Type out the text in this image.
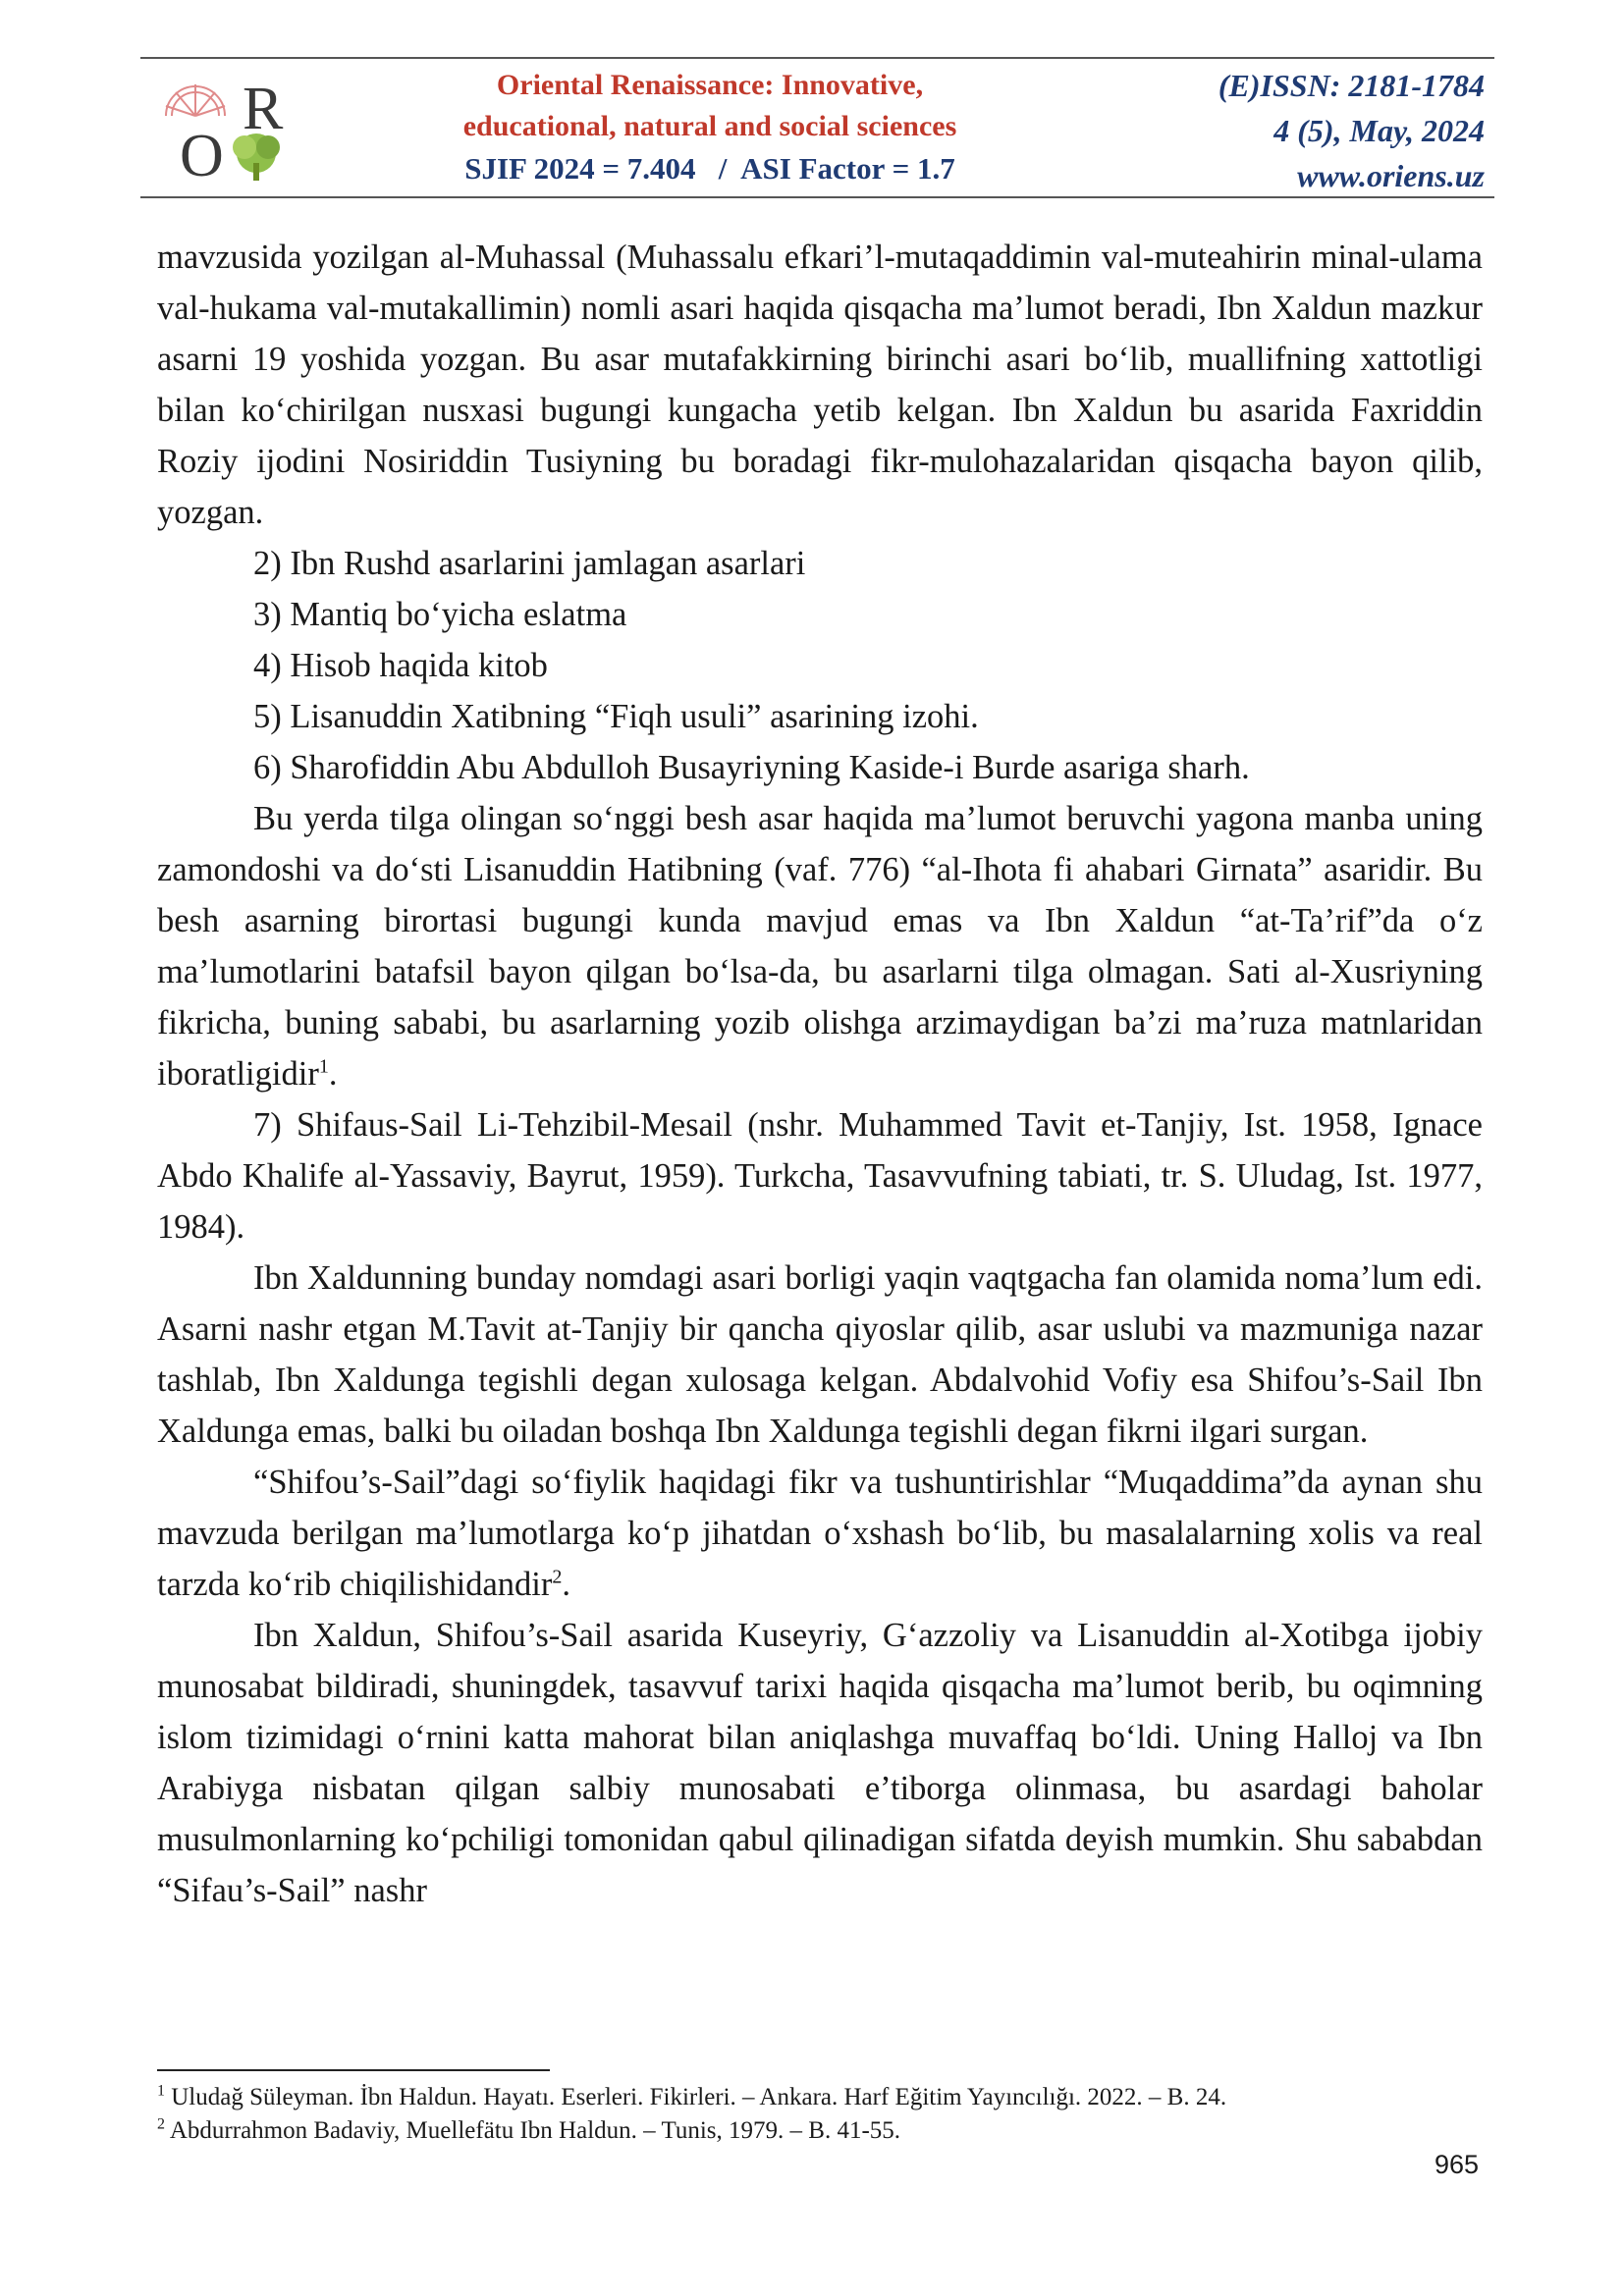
O
R	Oriental Renaissance: Innovative,
educational, natural and social sciences
SJIF 2024 = 7.404   /  ASI Factor = 1.7
(E)ISSN: 2181-1784
4 (5), May, 2024
www.oriens.uz

mavzusida yozilgan al-Muhassal (Muhassalu efkari’l-mutaqaddimin val-muteahirin minal-ulama val-hukama val-mutakallimin) nomli asari haqida qisqacha ma’lumot beradi, Ibn Xaldun mazkur asarni 19 yoshida yozgan. Bu asar mutafakkirning birinchi asari bo‘lib, muallifning xattotligi bilan ko‘chirilgan nusxasi bugungi kungacha yetib kelgan. Ibn Xaldun bu asarida Faxriddin Roziy ijodini Nosiriddin Tusiyning bu boradagi fikr-mulohazalaridan qisqacha bayon qilib, yozgan.

2) Ibn Rushd asarlarini jamlagan asarlari

3) Mantiq bo‘yicha eslatma

4) Hisob haqida kitob

5) Lisanuddin Xatibning “Fiqh usuli” asarining izohi.

6) Sharofiddin Abu Abdulloh Busayriyning Kaside-i Burde asariga sharh.

Bu yerda tilga olingan so‘nggi besh asar haqida ma’lumot beruvchi yagona manba uning zamondoshi va do‘sti Lisanuddin Hatibning (vaf. 776) “al-Ihota fi ahabari Girnata” asaridir. Bu besh asarning birortasi bugungi kunda mavjud emas va Ibn Xaldun “at-Ta’rif”da o‘z ma’lumotlarini batafsil bayon qilgan bo‘lsa-da, bu asarlarni tilga olmagan. Sati al-Xusriyning fikricha, buning sababi, bu asarlarning yozib olishga arzimaydigan ba’zi ma’ruza matnlaridan iboratligidir$^1$.

7) Shifaus-Sail Li-Tehzibil-Mesail (nshr. Muhammed Tavit et-Tanjiy, Ist. 1958, Ignace Abdo Khalife al-Yassaviy, Bayrut, 1959). Turkcha, Tasavvufning tabiati, tr. S. Uludag, Ist. 1977, 1984).

Ibn Xaldunning bunday nomdagi asari borligi yaqin vaqtgacha fan olamida noma’lum edi. Asarni nashr etgan M.Tavit at-Tanjiy bir qancha qiyoslar qilib, asar uslubi va mazmuniga nazar tashlab, Ibn Xaldunga tegishli degan xulosaga kelgan. Abdalvohid Vofiy esa Shifou’s-Sail Ibn Xaldunga emas, balki bu oiladan boshqa Ibn Xaldunga tegishli degan fikrni ilgari surgan.

“Shifou’s-Sail”dagi so‘fiylik haqidagi fikr va tushuntirishlar “Muqaddima”da aynan shu mavzuda berilgan ma’lumotlarga ko‘p jihatdan o‘xshash bo‘lib, bu masalalarning xolis va real tarzda ko‘rib chiqilishidandir$^2$.

Ibn Xaldun, Shifou’s-Sail asarida Kuseyriy, G‘azzoliy va Lisanuddin al-Xotibga ijobiy munosabat bildiradi, shuningdek, tasavvuf tarixi haqida qisqacha ma’lumot berib, bu oqimning islom tizimidagi o‘rnini katta mahorat bilan aniqlashga muvaffaq bo‘ldi. Uning Halloj va Ibn Arabiyga nisbatan qilgan salbiy munosabati e’tiborga olinmasa, bu asardagi baholar musulmonlarning ko‘pchiligi tomonidan qabul qilinadigan sifatda deyish mumkin. Shu sababdan “Sifau’s-Sail” nashr

$^1$ Uludağ Süleyman. İbn Haldun. Hayatı. Eserleri. Fikirleri. – Ankara. Harf Eğitim Yayıncılığı. 2022. – B. 24.

$^2$ Abdurrahmon Badaviy, Muellefätu Ibn Haldun. – Tunis, 1979. – B. 41-55.

965
